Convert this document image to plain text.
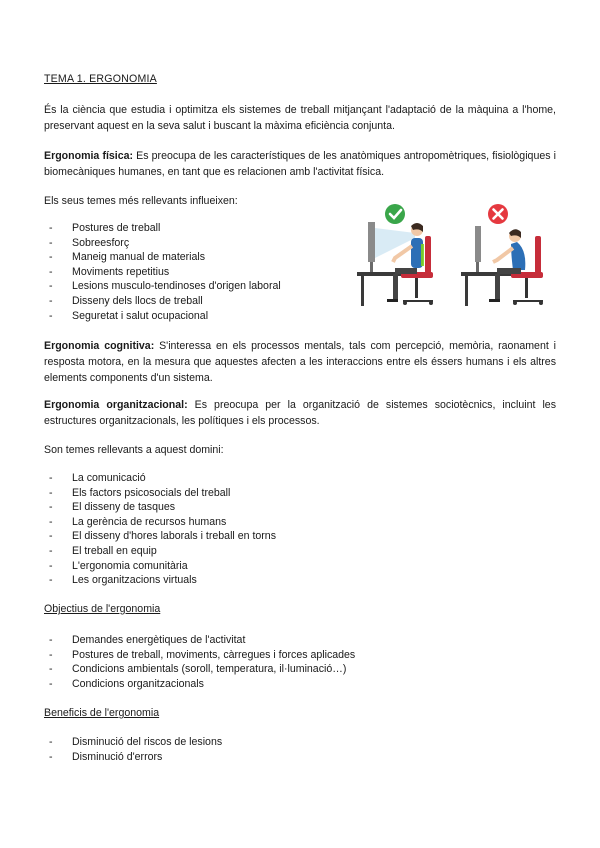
TEMA 1. ERGONOMIA
És la ciència que estudia i optimitza els sistemes de treball mitjançant l'adaptació de la màquina a l'home, preservant aquest en la seva salut i buscant la màxima eficiència conjunta.
Ergonomia física: Es preocupa de les característiques de les anatòmiques antropomètriques, fisiològiques i biomecàniques humanes, en tant que es relacionen amb l'activitat física.
Els seus temes més rellevants influeixen:
- Postures de treball
- Sobreesforç
- Maneig manual de materials
- Moviments repetitius
- Lesions musculo-tendinoses d'origen laboral
- Disseny dels llocs de treball
- Seguretat i salut ocupacional
Ergonomia cognitiva: S'interessa en els processos mentals, tals com percepció, memòria, raonament i resposta motora, en la mesura que aquestes afecten a les interaccions entre els éssers humans i els altres elements components d'un sistema.
Ergonomia organitzacional: Es preocupa per la organització de sistemes sociotècnics, incluint les estructures organitzacionals, les polítiques i els processos.
Son temes rellevants a aquest domini:
- La comunicació
- Els factors psicosocials del treball
- El disseny de tasques
- La gerència de recursos humans
- El disseny d'hores laborals i treball en torns
- El treball en equip
- L'ergonomia comunitària
- Les organitzacions virtuals
Objectius de l'ergonomia
- Demandes energètiques de l'activitat
- Postures de treball, moviments, càrregues i forces aplicades
- Condicions ambientals (soroll, temperatura, il·luminació…)
- Condicions organitzacionals
Beneficis de l'ergonomia
- Disminució del riscos de lesions
- Disminució d'errors
